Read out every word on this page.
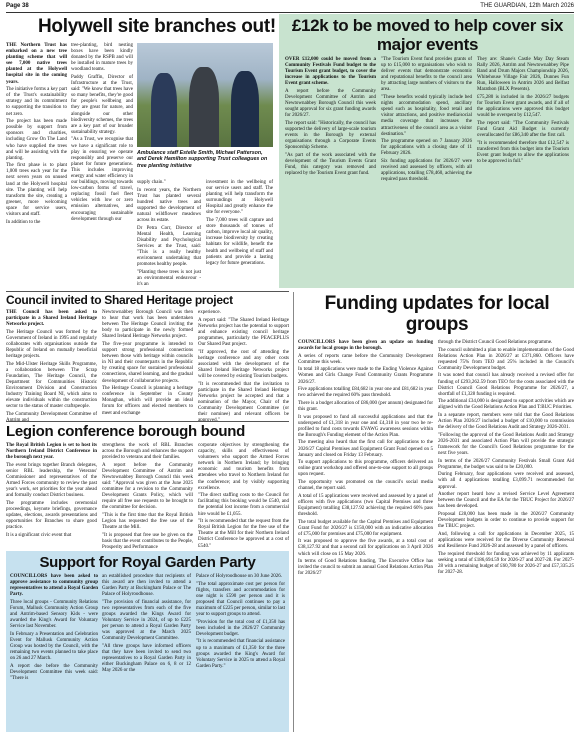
Page 38	THE GUARDIAN, 12th March 2026
Holywell site branches out!

THE Northern Trust has embarked on a new tree planting scheme that will see 7,000 native trees planted at the Holywell hospital site in the coming years.

The initiative forms a key part of the Trust's sustainability strategy and its commitment to supporting the transition to net zero.

The project has been made possible by support from sponsors and charities, including Grow On The Land who have supplied the trees and will be assisting with the planting.

The first phase is to plant 1,000 trees each year for the next seven years on unused land at the Holywell hospital site. The planting will help transform the site, creating a greener, more welcoming space for service users, visitors and staff.

In addition to the

tree-planting, bird nesting boxes have been kindly donated by the RSPB and will be installed in mature trees by woodland teams.

Paddy Graffin, Director of Infrastructure at the Trust, said: "We know that trees have so many benefits, they're good for people's wellbeing and they are great for nature, and alongside our other biodiversity schemes, the trees are a key part of our broader sustainability strategy.

"As a Trust, we recognise that we have a significant role to play in ensuring we operate responsibly and preserve our planet for future generations. This includes improving energy and water efficiency in our buildings, moving towards low-carbon forms of travel, replacing fossil fuel fleet vehicles with low or zero emission alternatives, and encouraging sustainable development through our

Ambulance staff Estelle Smith, Michael Patterson, and Derek Hamilton supporting Trust colleagues on tree planting initiative

supply chain."

In recent years, the Northern Trust has planted several hundred native trees and supported the development of natural wildflower meadows across its estate.

Dr Petra Corr, Director of Mental Health, Learning Disability and Psychological Services at the Trust, said: "This is a really healthy environment undertaking that promotes healthy people.

"Planting these trees is not just an environmental endeavour - it's an

investment in the wellbeing of our service users and staff. The planting will help transform the surroundings at Holywell Hospital and greatly enhance the site for everyone."

The 7,000 trees will capture and store thousands of tonnes of carbon, improve local air quality, increase biodiversity by creating habitats for wildlife, benefit the health and wellbeing of staff and patients and provide a lasting legacy for future generations.

£12k to be moved to help cover six major events

OVER £12,000 could be moved from a Community Festivals Fund budget to the Tourism Event grant budget, to cover the increase in applications to the Tourism Event grant scheme.

A report before the Community Development Committee of Antrim and Newtownabbey Borough Council this week sought approval for six grant funding awards for 2026/27.

The report said: "Historically, the council has supported the delivery of large-scale tourism events in the Borough by external organisations through a Corporate Events Sponsorship Scheme.

"As part of the work associated with the development of the Tourism Events Grant Fund, this category was removed and replaced by the Tourism Event grant fund.

"The Tourism Event fund provides grants of up to £15,000 to organisations who wish to deliver events that demonstrate economic and reputational benefits to the council area by attracting large numbers of visitors to the area.

"These benefits would typically include bed nights accommodation spend, ancillary spend such as hospitality, food retail and visitor attractions, and positive media/social media coverage that increases the attractiveness of the council area as a visitor destination."

The programme opened on 7 January 2026 for applications with a closing date of 11 February 2026.

Six funding applications for 2026/27 were received and assessed by officers, with all applications, totalling £78,460, achieving the required pass threshold.

They are: Shane's Castle May Day Steam Rally 2026, Antrim and Newtownabbey Pipe Band and Drum Majors Championship 2026, Whitehouse Village Fair 2026, Dunnes Fun Run, Halloween in Antrim 2026 and Belfast Marathon (BLX Presents).

£75,280 is included in the 2026/27 budgets for Tourism Event grant awards, and if all of the applications were approved this budget would be overspent by £12,547.

The report said: "The Community Festivals Fund Grant Aid Budget is currently overallocated for £86,340 after the first call.

"It is recommended therefore that £12,547 is transferred from this budget into the Tourism Event grant budget to allow the applications to be approved in full."

Council invited to Shared Heritage project

THE Council has been asked to participate in a Shared Ireland Heritage Networks project.

The Heritage Council was formed by the Government of Ireland in 1995 and regularly collaborates with organisations outside the Republic of Ireland on mutually beneficial heritage projects.

The Mid-Ulster Heritage Skills Programme, a collaboration between The Scrap Foundation, The Heritage Council, the Department for Communities Historic Environment Division and Construction Industry Training Board NI, which aims to elevate individuals within the construction sector to the status of master craftspeople.

The Community Development Committee of

Newtownabbey Borough Council was then to hear that work has been undertaken between The Heritage Council inviting the body to participate in the newly formed Shared Ireland Heritage Networks project.

The five-year programme is intended to support strong professional connections between those with heritage within councils in NI and their counterparts in the Republic by creating space for sustained professional connections, shared learning, and the gradual development of collaborative projects.

The Heritage Council is planning a heritage conference in September in County Monaghan, which will provide an ideal forum for officers and elected members to meet and exchange

experience.

A report said: "The Shared Ireland Heritage Networks project has the potential to support and enhance existing council heritage programmes, particularly the PEACEPLUS Our Shared Past project.

"If approved, the cost of attending the heritage conference and any other costs associated with the development of the Shared Ireland Heritage Networks project will be covered by existing Tourism budgets.

"It is recommended that the invitation to participate in the Shared Ireland Heritage Networks project be accepted and that a nomination of the Mayor, Chair of the Community Development Committee (or their nominee) and relevant officers be

Legion conference borough bound

The Royal British Legion is set to host its Northern Ireland District Conference in the borough next year.

The event brings together Branch delegates, senior RBL leadership, the Veterans' Commissioner and representatives of the Armed Forces community to review the past year's work, set priorities for the year ahead and formally conduct District business.

The programme includes ceremonial proceedings, keynote briefings, governance updates, elections, awards presentations and opportunities for Branches to share good practice.

It is a significant civic event that

strengthens the work of RBL Branches across the Borough and enhances the support provided to veterans and their families.

A report before the Community Development Committee of Antrim and Newtownabbey Borough Council this week said: "Approval was given at the June 2025 committee for a revision to the Community Development Grants Policy, which will require all free use requests to be brought to the committee for decision.

"This is the first time that the Royal British Legion has requested the free use of the Theatre at the Mill.

"It is proposed that free use be given on the basis that the event contributes to the People, Prosperity and Performance

corporate objectives by strengthening the capacity, skills and effectiveness of volunteers who support the Armed Forces network in Northern Ireland; by bringing economic and tourism benefits from attendees who travel to Northern Ireland for the conference; and by visibly supporting excellence.

"The direct staffing costs to the Council for facilitating this booking would be £540, and the potential lost income from a commercial hire would be £1,055.

"It is recommended that the request from the Royal British Legion for the free use of the Theatre at the Mill for their Northern Ireland District Conference be approved at a cost of £540."

Funding updates for local groups

COUNCILLORS have been given an update on funding awards for local groups in the borough.

A series of reports came before the Community Development Committee this week.

In total 18 applications were made to the Ending Violence Against Women and Girls Change Fund Community Grants Programme 2026/27.

Five applications totalling £84,682 in year one and £81,682 in year two achieved the required 60% pass threshold.

There is a budget allocation of £86,000 (per annum) designated for this grant.

It was proposed to fund all successful applications and that the underspend of £1,318 in year one and £4,318 in year two be re-profiled to fund costs towards EVAWG awareness sessions within the Borough's Funding element of the Action Plan.

The meeting also heard that the first call for applications to the 2026/27 Capital Premises and Equipment Grant Fund opened on 5 January and closed on Friday 13 February.

To support applications to this programme, officers delivered an online grant workshop and offered one-to-one support to all groups upon request.

The opportunity was promoted on the council's social media channel, the report said.

A total of 15 applications were received and assessed by a panel of officers with five applications (two Capital Premises and three Equipment) totalling £38,127.92 achieving the required 60% pass threshold.

The total budget available for the Capital Premises and Equipment Grant Fund for 2026/27 is £150,000 with an indicative allocation of £75,000 for premises and £75,000 for equipment.

It was proposed to approve the five awards, at a total cost of £38,127.92 and that a second call for applications on 3 April 2026 which will close on 15 May 2026.

In terms of Good Relations funding, The Executive Office has invited the council to submit an annual Good Relations Action Plan for 2026/27

through the District Council Good Relations programme.

The council submitted a plan to enable implementation of the Good Relations Action Plan in 2026/27 at £371,860. Officers have requested 75% from TEO and 25% included in the Council's Community Development budget.

It was noted that council has already received a revised offer for funding of £293,262.59 from TEO for the costs associated with the District Council Good Relations Programme for 2026/27, a shortfall of £1,328 funding is required.

The additional £34,000 is designated to support activities which are aligned with the Good Relations Action Plan and T:BUC Priorities.

In a separate report, members were told that the Good Relations Action Plan 2026/27 included a budget of £10,000 to commission the delivery of the Good Relations Audit and Strategy 2026-2031.

"Following the approval of the Good Relations Audit and Strategy 2026-2031 and associated Action Plan will provide the strategic framework for the Council's Good Relations programme for the next five years.

In terms of the 2026/27 Community Festivals Small Grant Aid Programme, the budget was said to be £20,000.

During February, four applications were received and assessed, with all 4 applications totalling £3,099.71 recommended for approval.

Another report heard how a revised Service Level Agreement between the Council and the EA for the TBUC Project for 2026/27 has been developed.

Proposal £28,000 has been made in the 2026/27 Community Development budgets in order to continue to provide support for the TBUC project.

And, following a call for applications in December 2025, 15 applications were received for the Diverse Community Renewal and Resilience Fund 2026-28 and assessed by a panel of officers.

The required threshold for funding was achieved by 11 applicants seeking a total of £186,694.59 for 2026-27 and 2027-28. For 2027-28 with a remaining budget of £60,780 for 2026-27 and £57,335.25 for 2027-28.

Support for Royal Garden Party

COUNCILLORS have been asked to approve assistance to community group representatives to attend a Royal Garden Party.

Three local groups - Community Relations Forum, Mallusk Community Action Group and Antrim-based Sensory Kids - were awarded the King's Award for Voluntary Service last November.

In February a Presentation and Celebration Event for Mallusk Community Action Group was hosted by the Council, with the remaining two events planned to take place on 26 and 27 March.

A report due before the Community Development Committee this week said: "There is

an established procedure that recipients of this award are then invited to attend a Garden Party at Buckingham Palace or The Palace of Holyroodhouse.

"The provision of financial assistance, for two representatives from each of the five groups awarded the Kings Award for Voluntary Service in 2024, of up to £225 per person to attend a Royal Garden Party was approved at the March 2025 Community Development Committee.

"All three groups have informed officers that they have been invited to send two representatives to a Royal Garden Party in either Buckingham Palace on 6, 8 or 12 May 2026 or the

Palace of Holyroodhouse on 30 June 2026.

"The total approximate cost per person for flights, transfers and accommodation for one night is £590 per person and it is proposed that Council continues to pay a maximum of £225 per person, similar to last year to support groups to attend.

"Provision for the total cost of £1,350 has been included in the 2026/27 Community Development budget.

"It is recommended that financial assistance up to a maximum of £1,350 for the three groups awarded the King's Award for Voluntary Service in 2025 to attend a Royal Garden Party."
